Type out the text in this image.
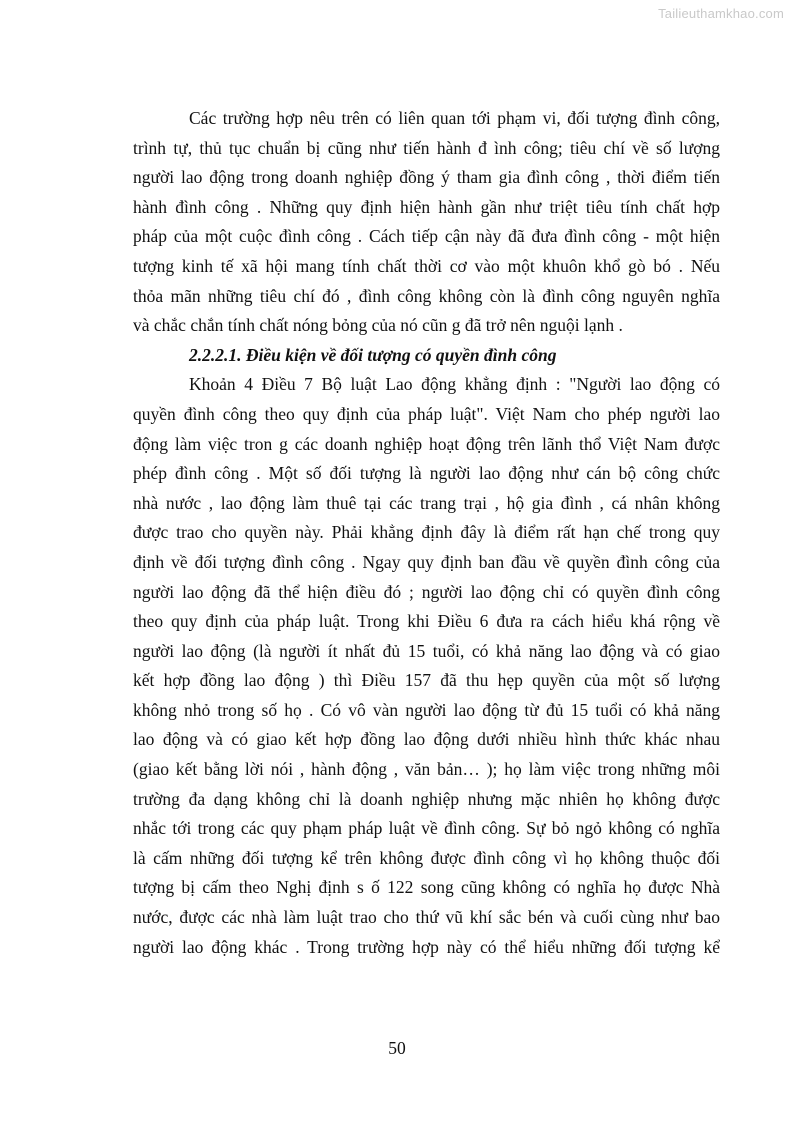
Tailieuthamkhao.com
Các trường hợp nêu trên có liên quan tới phạm vi, đối tượng đình công,
trình tự, thủ tục chuẩn bị cũng như tiến hành đ ình công; tiêu chí về số lượng
người lao động trong doanh nghiệp đồng ý tham gia đình công , thời điểm tiến
hành đình công . Những quy định hiện hành gần như triệt tiêu tính chất hợp
pháp của một cuộc đình công . Cách tiếp cận này đã đưa đình công - một hiện
tượng kinh tế xã hội mang tính chất thời cơ vào một khuôn khổ gò bó . Nếu
thỏa mãn những tiêu chí đó , đình công không còn là đình công nguyên nghĩa
và chắc chắn tính chất nóng bỏng của nó cũn g đã trở nên nguội lạnh .
2.2.2.1. Điều kiện về đối tượng có quyền đình công
Khoản 4 Điều 7 Bộ luật Lao động khẳng định : "Người lao động có
quyền đình công theo quy định của pháp luật". Việt Nam cho phép người lao
động làm việc tron g các doanh nghiệp hoạt động trên lãnh thổ Việt Nam được
phép đình công . Một số đối tượng là người lao động như cán bộ công chức
nhà nước , lao động làm thuê tại các trang trại , hộ gia đình , cá nhân không
được trao cho quyền này. Phải khẳng định đây là điểm rất hạn chế trong quy
định về đối tượng đình công . Ngay quy định ban đầu về quyền đình công của
người lao động đã thể hiện điều đó ; người lao động chỉ có quyền đình công
theo quy định của pháp luật. Trong khi Điều 6 đưa ra cách hiểu khá rộng về
người lao động (là người ít nhất đủ 15 tuổi, có khả năng lao động và có giao
kết hợp đồng lao động ) thì Điều 157 đã thu hẹp quyền của một số lượng
không nhỏ trong số họ . Có vô vàn người lao động từ đủ 15 tuổi có khả năng
lao động và có giao kết hợp đồng lao động dưới nhiều hình thức khác nhau
(giao kết bằng lời nói , hành động , văn bản… ); họ làm việc trong những môi
trường đa dạng không chỉ là doanh nghiệp nhưng mặc nhiên họ không được
nhắc tới trong các quy phạm pháp luật về đình công. Sự bỏ ngỏ không có nghĩa
là cấm những đối tượng kể trên không được đình công vì họ không thuộc đối
tượng bị cấm theo Nghị định s ố 122 song cũng không có nghĩa họ được Nhà
nước, được các nhà làm luật trao cho thứ vũ khí sắc bén và cuối cùng như bao
người lao động khác . Trong trường hợp này có thể hiểu những đối tượng kể
50
